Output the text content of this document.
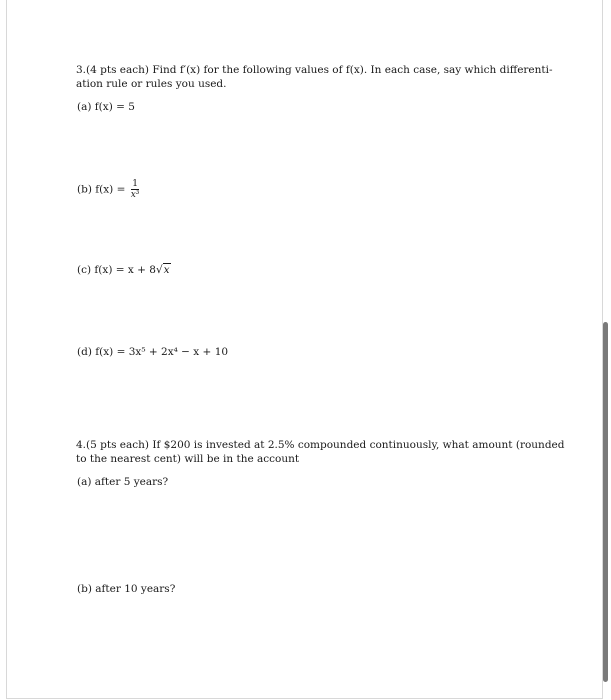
3.(4 pts each) Find f′(x) for the following values of f(x). In each case, say which differenti-
ation rule or rules you used.
(a) f(x) = 5
(b) $f(x) = \frac{1}{\text{x³}}$
(c) f(x) = x + 8√x
(d) f(x) = 3x⁵ + 2x⁴ − x + 10
4.(5 pts each) If $200 is invested at 2.5% compounded continuously, what amount (rounded
to the nearest cent) will be in the account
(a) after 5 years?
(b) after 10 years?
